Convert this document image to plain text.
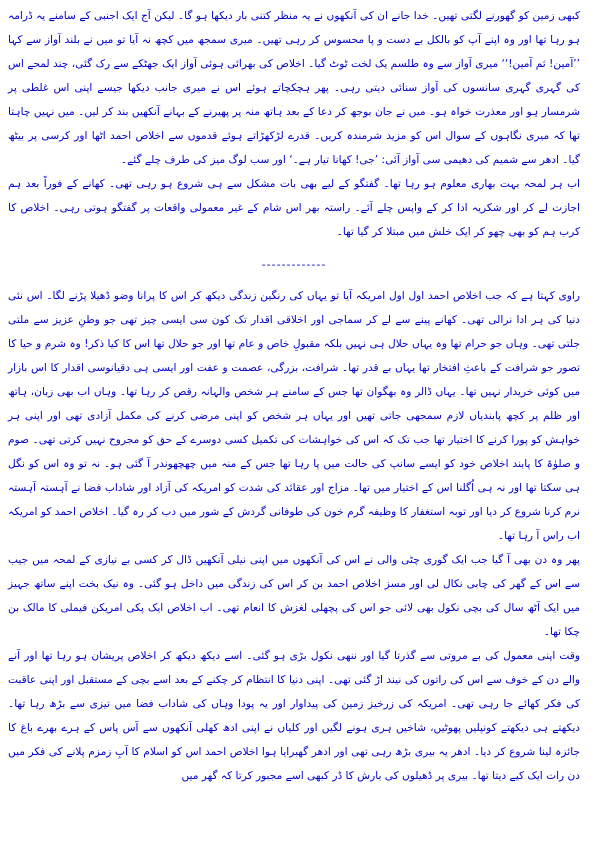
کبھی زمین کو گھورنے لگتی تھیں۔ خدا جانے ان کی آنکھوں نے یہ منظر کتنی بار دیکھا ہو گا۔ لیکن آج ایک اجنبی کے سامنے یہ ڈرامہ ہو رہا تھا اور وہ اپنے آپ کو بالکل بے دست و پا محسوس کر رہی تھیں۔ میری سمجھ میں کچھ نہ آیا تو میں نے بلند آواز سے کہا ’’آمین! ثم آمین!‘‘ میری آواز سے وہ طلسم یک لخت ٹوٹ گیا۔ اخلاص کی بھرائی ہوئی آواز ایک جھٹکے سے رک گئی، چند لمحے اس کی گہری گہری سانسوں کی آواز سنائی دیتی رہی۔ پھر ہچکچاتے ہوئے اس نے میری جانب دیکھا جیسے اپنی اس غلطی پر شرمسار ہو اور معذرت خواہ ہو۔ میں نے جان بوجھ کر دعا کے بعد ہاتھ منہ پر پھیرنے کے بہانے آنکھیں بند کر لیں۔ میں نہیں چاہتا تھا کہ میری نگاہوں کے سوال اس کو مزید شرمندہ کریں۔ قدرے لڑکھڑاتے ہوئے قدموں سے اخلاص احمد اٹھا اور کرسی پر بیٹھ گیا۔ ادھر سے شمیم کی دھیمی سی آواز آئی: ’جی! کھانا تیار ہے۔‘ اور سب لوگ میز کی طرف چلے گئے۔

اب ہر لمحہ بہت بھاری معلوم ہو رہا تھا۔ گفتگو کے لیے بھی بات مشکل سے ہی شروع ہو رہی تھی۔ کھانے کے فوراً بعد ہم اجازت لے کر اور شکریہ ادا کر کے واپس چلے آئے۔ راستہ بھر اس شام کے غیر معمولی واقعات پر گفتگو ہوتی رہی۔ اخلاص کا کرب ہم کو بھی چھو کر ایک خلش میں مبتلا کر گیا تھا۔

-------------

راوی کہتا ہے کہ جب اخلاص احمد اول اول امریکہ آیا تو یہاں کی رنگین زندگی دیکھ کر اس کا پرانا وضو ڈھیلا پڑنے لگا۔ اس نئی دنیا کی ہر ادا نرالی تھی۔ کھانے پینے سے لے کر سماجی اور اخلاقی اقدار تک کون سی ایسی چیز تھی جو وطنِ عزیز سے ملتی جلتی تھی۔ وہاں جو حرام تھا وہ یہاں حلال ہی نہیں بلکہ مقبولِ خاص و عام تھا اور جو حلال تھا اس کا کیا ذکر! وہ شرم و حیا کا تصور جو شرافت کے باعثِ افتخار تھا یہاں بے قدر تھا۔ شرافت، بزرگی، عصمت و عفت اور ایسی ہی دقیانوسی اقدار کا اس بازار میں کوئی خریدار نہیں تھا۔ یہاں ڈالر وہ بھگوان تھا جس کے سامنے ہر شخص والہانہ رقص کر رہا تھا۔ وہاں اب بھی زبان، ہاتھ اور ظلم پر کچھ پابندیاں لازم سمجھی جاتی تھیں اور یہاں ہر شخص کو اپنی مرضی کرنے کی مکمل آزادی تھی اور اپنی ہر خواہش کو پورا کرنے کا اختیار تھا جب تک کہ اس کی خواہشات کی تکمیل کسی دوسرے کے حق کو مجروح نہیں کرتی تھی۔ صوم و صلوٰۃ کا پابند اخلاص خود کو ایسے سانپ کی حالت میں پا رہا تھا جس کے منہ میں چھچھوندر آ گئی ہو۔ نہ تو وہ اس کو نگل ہی سکتا تھا اور نہ ہی اُگلنا اس کے اختیار میں تھا۔ مزاج اور عقائد کی شدت کو امریکہ کی آزاد اور شاداب فضا نے آہستہ آہستہ نرم کرنا شروع کر دیا اور توبہ استغفار کا وظیفہ گرم خون کی طوفانی گردش کے شور میں دب کر رہ گیا۔ اخلاص احمد کو امریکہ اب راس آ رہا تھا۔

پھر وہ دن بھی آ گیا جب ایک گوری چٹی والی نے اس کی آنکھوں میں اپنی نیلی آنکھیں ڈال کر کسی بے نیازی کے لمحہ میں جیب سے اس کے گھر کی چابی نکال لی اور مسز اخلاص احمد بن کر اس کی زندگی میں داخل ہو گئی۔ وہ نیک بخت اپنے ساتھ جہیز میں ایک آٹھ سال کی بچی نکول بھی لائی جو اس کی پچھلی لغزش کا انعام تھی۔ اب اخلاص ایک پکی امریکن فیملی کا مالک بن چکا تھا۔

وقت اپنی معمول کی بے مروتی سے گذرتا گیا اور ننھی نکول بڑی ہو گئی۔ اسے دیکھ دیکھ کر اخلاص پریشان ہو رہا تھا اور آنے والے دن کے خوف سے اس کی راتوں کی نیند اڑ گئی تھی۔ اپنی دنیا کا انتظام کر چکنے کے بعد اسے بچی کے مستقبل اور اپنی عاقبت کی فکر کھائے جا رہی تھی۔ امریکہ کی زرخیز زمین کی پیداوار اور یہ پودا وہاں کی شاداب فضا میں تیزی سے بڑھ رہا تھا۔ دیکھتے ہی دیکھتے کونپلیں پھوٹیں، شاخیں ہری ہونے لگیں اور کلیاں نے اپنی ادھ کھلی آنکھوں سے آس پاس کے ہرے بھرے باغ کا جائزہ لینا شروع کر دیا۔ ادھر یہ بیری بڑھ رہی تھی اور ادھر گھبرایا ہوا اخلاص احمد اس کو اسلام کا آبِ زمزم پلانے کی فکر میں دن رات ایک کیے دیتا تھا۔ بیری پر ڈھیلوں کی بارش کا ڈر کبھی اسے مجبور کرتا کہ گھر میں
